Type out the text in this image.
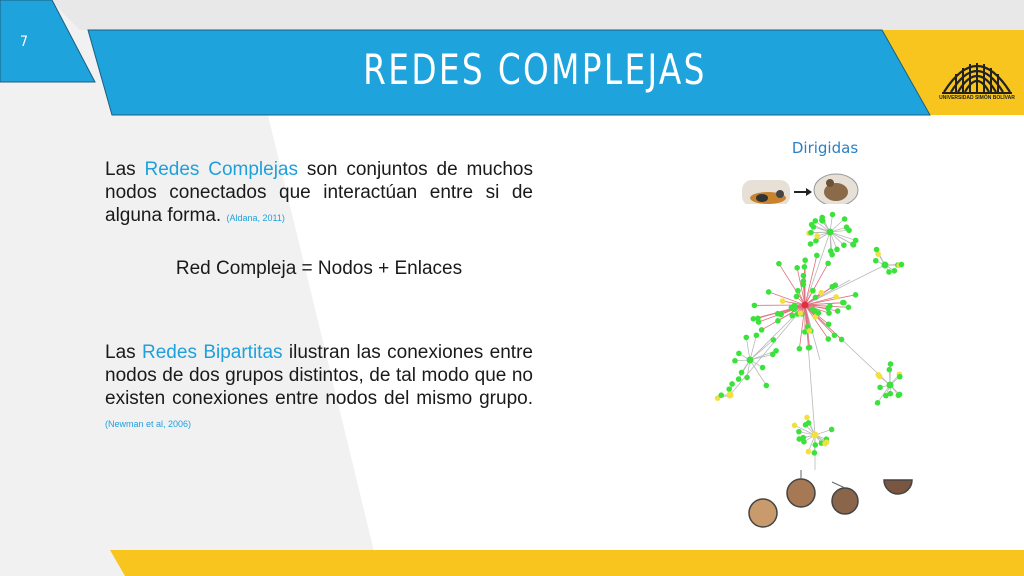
7
REDES COMPLEJAS
UNIVERSIDAD SIMÓN BOLÍVAR
Las Redes Complejas son conjuntos de muchos nodos conectados que interactúan entre si de alguna forma. (Aldana, 2011)
Red Compleja = Nodos + Enlaces
Las Redes Bipartitas ilustran las conexiones entre nodos de dos grupos distintos, de tal modo que no existen conexiones entre nodos del mismo grupo. (Newman et al, 2006)
Dirigidas
